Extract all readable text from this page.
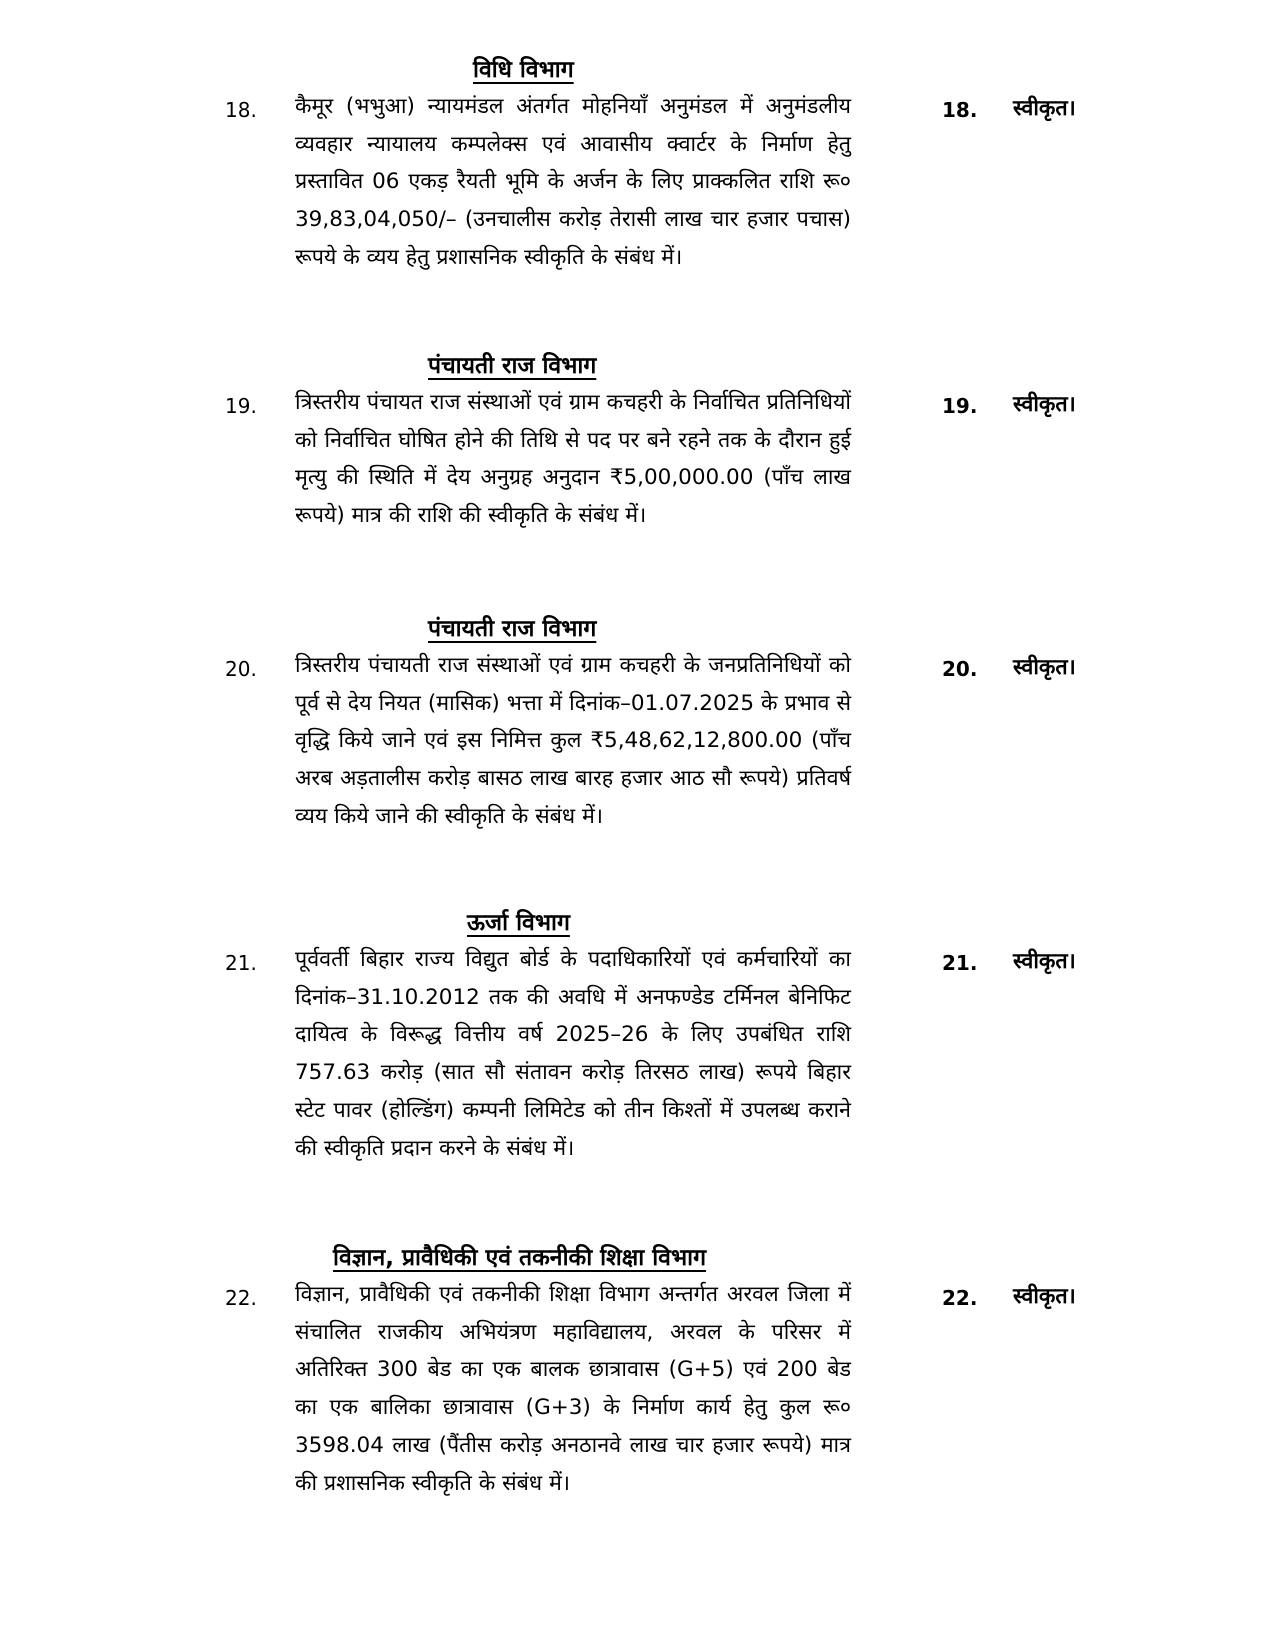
विधि विभाग
18. कैमूर (भभुआ) न्यायमंडल अंतर्गत मोहनियाँ अनुमंडल में अनुमंडलीय व्यवहार न्यायालय कम्पलेक्स एवं आवासीय क्वार्टर के निर्माण हेतु प्रस्तावित 06 एकड़ रैयती भूमि के अर्जन के लिए प्राक्कलित राशि रू० 39,83,04,050/– (उनचालीस करोड़ तेरासी लाख चार हजार पचास) रूपये के व्यय हेतु प्रशासनिक स्वीकृति के संबंध में।

18. स्वीकृत।
पंचायती राज विभाग
19. त्रिस्तरीय पंचायत राज संस्थाओं एवं ग्राम कचहरी के निर्वाचित प्रतिनिधियों को निर्वाचित घोषित होने की तिथि से पद पर बने रहने तक के दौरान हुई मृत्यु की स्थिति में देय अनुग्रह अनुदान ₹5,00,000.00 (पाँच लाख रूपये) मात्र की राशि की स्वीकृति के संबंध में।

19. स्वीकृत।
पंचायती राज विभाग
20. त्रिस्तरीय पंचायती राज संस्थाओं एवं ग्राम कचहरी के जनप्रतिनिधियों को पूर्व से देय नियत (मासिक) भत्ता में दिनांक–01.07.2025 के प्रभाव से वृद्धि किये जाने एवं इस निमित्त कुल ₹5,48,62,12,800.00 (पाँच अरब अड़तालीस करोड़ बासठ लाख बारह हजार आठ सौ रूपये) प्रतिवर्ष व्यय किये जाने की स्वीकृति के संबंध में।

20. स्वीकृत।
ऊर्जा विभाग
21. पूर्ववर्ती बिहार राज्य विद्युत बोर्ड के पदाधिकारियों एवं कर्मचारियों का दिनांक–31.10.2012 तक की अवधि में अनफण्डेड टर्मिनल बेनिफिट दायित्व के विरूद्ध वित्तीय वर्ष 2025–26 के लिए उपबंधित राशि 757.63 करोड़ (सात सौ संतावन करोड़ तिरसठ लाख) रूपये बिहार स्टेट पावर (होल्डिंग) कम्पनी लिमिटेड को तीन किश्तों में उपलब्ध कराने की स्वीकृति प्रदान करने के संबंध में।

21. स्वीकृत।
विज्ञान, प्रावैधिकी एवं तकनीकी शिक्षा विभाग
22. विज्ञान, प्रावैधिकी एवं तकनीकी शिक्षा विभाग अन्तर्गत अरवल जिला में संचालित राजकीय अभियंत्रण महाविद्यालय, अरवल के परिसर में अतिरिक्त 300 बेड का एक बालक छात्रावास (G+5) एवं 200 बेड का एक बालिका छात्रावास (G+3) के निर्माण कार्य हेतु कुल रू० 3598.04 लाख (पैंतीस करोड़ अनठानवे लाख चार हजार रूपये) मात्र की प्रशासनिक स्वीकृति के संबंध में।

22. स्वीकृत।
